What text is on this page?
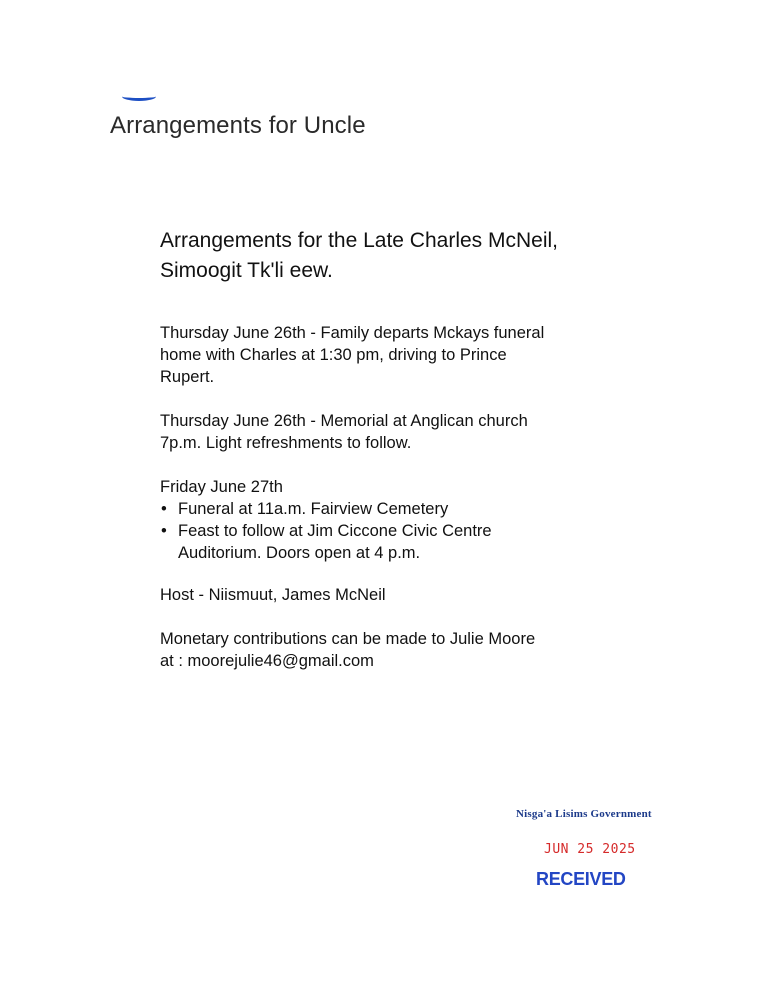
Arrangements for Uncle
Arrangements for the Late Charles McNeil,
Simoogit Tk'li eew.

Thursday June 26th - Family departs Mckays funeral
home with Charles at 1:30 pm, driving to Prince
Rupert.

Thursday June 26th - Memorial at Anglican church
7p.m. Light refreshments to follow.

Friday June 27th
• Funeral at 11a.m. Fairview Cemetery
• Feast to follow at Jim Ciccone Civic Centre
Auditorium. Doors open at 4 p.m.

Host - Niismuut, James McNeil

Monetary contributions can be made to Julie Moore
at : moorejulie46@gmail.com

Nisga'a Lisims Government

JUN 25 2025
RECEIVED
